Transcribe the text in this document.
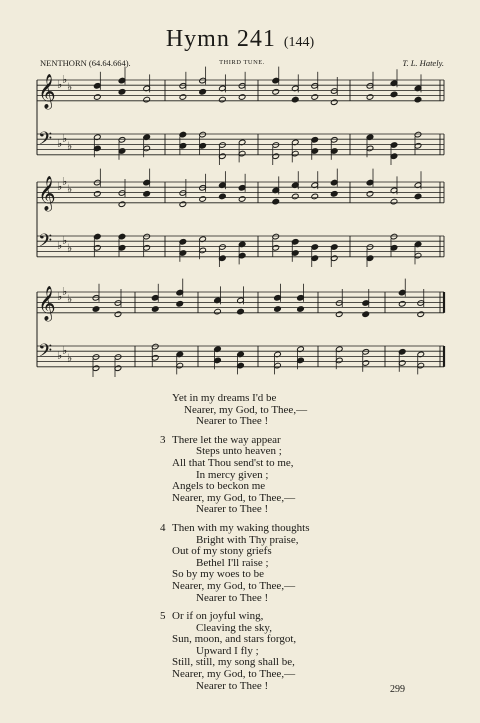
Hymn 241 (144)
NENTHORN (64.64.664).	THIRD TUNE.	T. L. Hately.
𝄞 ♭ ♭
♭
𝄢 ♭ ♭
♭
𝄞 ♭ ♭
♭
𝄢 ♭ ♭
♭
𝄞 ♭ ♭
♭
𝄢 ♭ ♭
♭
Yet in my dreams I'd be
Nearer, my God, to Thee,—
Nearer to Thee !
3 There let the way appear
Steps unto heaven ;
All that Thou send'st to me,
In mercy given ;
Angels to beckon me
Nearer, my God, to Thee,—
Nearer to Thee !
4 Then with my waking thoughts
Bright with Thy praise,
Out of my stony griefs
Bethel I'll raise ;
So by my woes to be
Nearer, my God, to Thee,—
Nearer to Thee !
5 Or if on joyful wing,
Cleaving the sky,
Sun, moon, and stars forgot,
Upward I fly ;
Still, still, my song shall be,
Nearer, my God, to Thee,—
Nearer to Thee !	299
